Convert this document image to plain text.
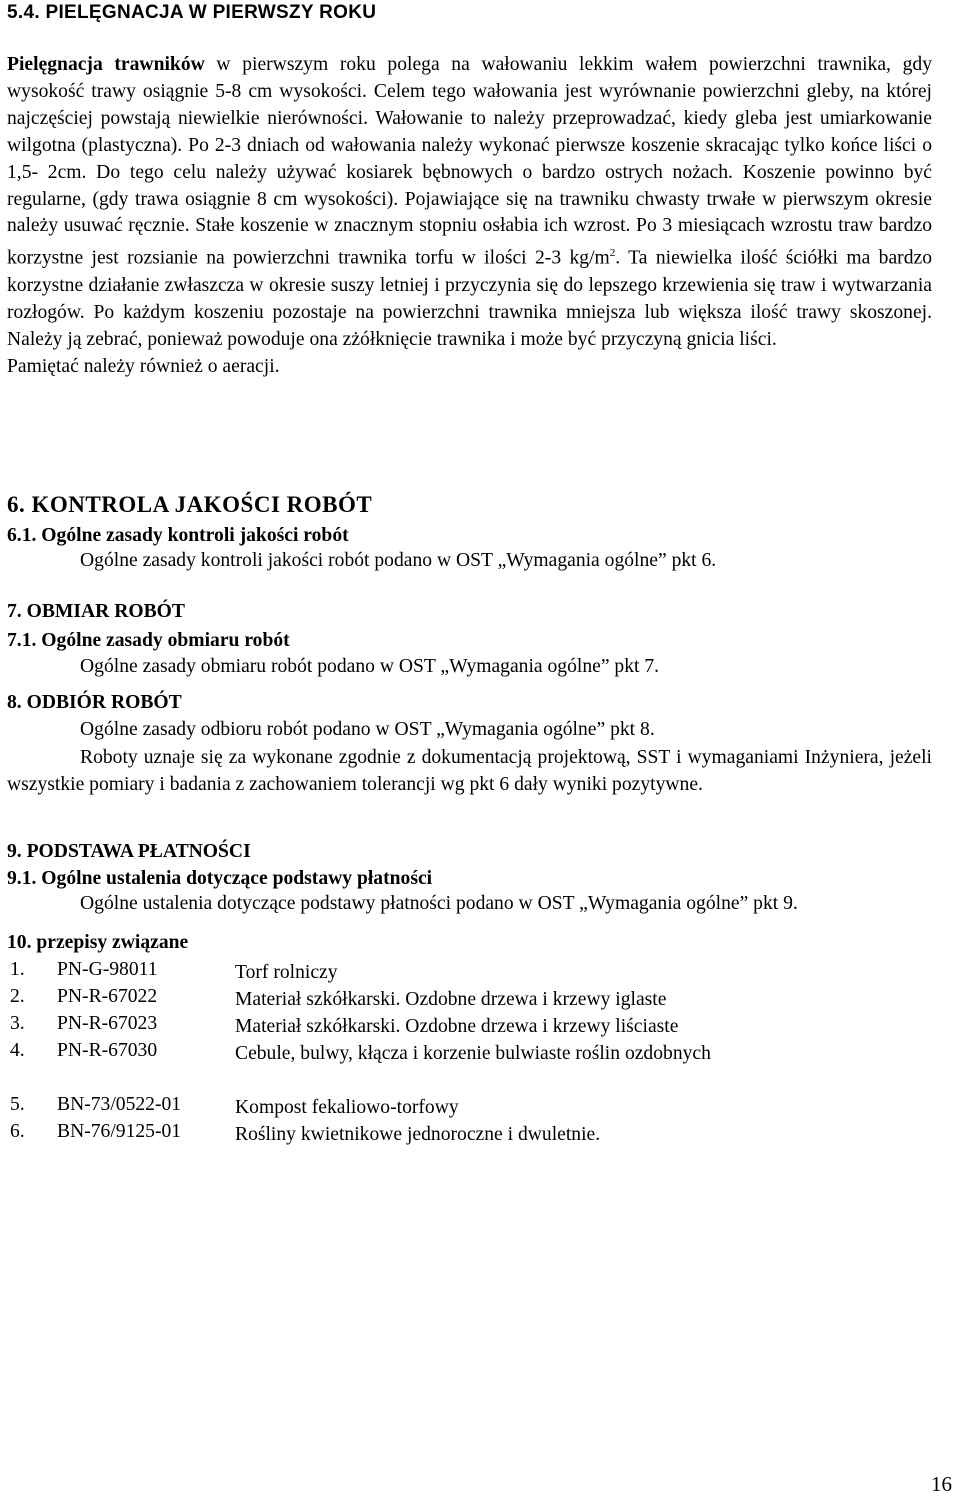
5.4. PIELĘGNACJA W PIERWSZY ROKU
Pielęgnacja trawników w pierwszym roku polega na wałowaniu lekkim wałem powierzchni trawnika, gdy wysokość trawy osiągnie 5-8 cm wysokości. Celem tego wałowania jest wyrównanie powierzchni gleby, na której najczęściej powstają niewielkie nierówności. Wałowanie to należy przeprowadzać, kiedy gleba jest umiarkowanie wilgotna (plastyczna). Po 2-3 dniach od wałowania należy wykonać pierwsze koszenie skracając tylko końce liści o 1,5- 2cm. Do tego celu należy używać kosiarek bębnowych o bardzo ostrych nożach. Koszenie powinno być regularne, (gdy trawa osiągnie 8 cm wysokości). Pojawiające się na trawniku chwasty trwałe w pierwszym okresie należy usuwać ręcznie. Stałe koszenie w znacznym stopniu osłabia ich wzrost. Po 3 miesiącach wzrostu traw bardzo korzystne jest rozsianie na powierzchni trawnika torfu w ilości 2-3 $kg/m^2$. Ta niewielka ilość ściółki ma bardzo korzystne działanie zwłaszcza w okresie suszy letniej i przyczynia się do lepszego krzewienia się traw i wytwarzania rozłogów. Po każdym koszeniu pozostaje na powierzchni trawnika mniejsza lub większa ilość trawy skoszonej. Należy ją zebrać, ponieważ powoduje ona zżółknięcie trawnika i może być przyczyną gnicia liści.
Pamiętać należy również o aeracji.
6. KONTROLA JAKOŚCI ROBÓT
6.1. Ogólne zasady kontroli jakości robót
Ogólne zasady kontroli jakości robót podano w OST „Wymagania ogólne” pkt 6.
7. OBMIAR ROBÓT
7.1. Ogólne zasady obmiaru robót
Ogólne zasady obmiaru robót podano w OST „Wymagania ogólne” pkt 7.
8. ODBIÓR ROBÓT
Ogólne zasady odbioru robót podano w OST „Wymagania ogólne” pkt 8.
Roboty uznaje się za wykonane zgodnie z dokumentacją projektową, SST i wymaganiami Inżyniera, jeżeli wszystkie pomiary i badania z zachowaniem tolerancji wg pkt 6 dały wyniki pozytywne.
9. PODSTAWA PŁATNOŚCI
9.1. Ogólne ustalenia dotyczące podstawy płatności
Ogólne ustalenia dotyczące podstawy płatności podano w OST „Wymagania ogólne” pkt 9.
10. przepisy związane
1. PN-G-98011	Torf rolniczy
2. PN-R-67022	Materiał szkółkarski. Ozdobne drzewa i krzewy iglaste
3. PN-R-67023	Materiał szkółkarski. Ozdobne drzewa i krzewy liściaste
4. PN-R-67030	Cebule, bulwy, kłącza i korzenie bulwiaste roślin ozdobnych
5. BN-73/0522-01	Kompost fekaliowo-torfowy
6. BN-76/9125-01	Rośliny kwietnikowe jednoroczne i dwuletnie.
16
